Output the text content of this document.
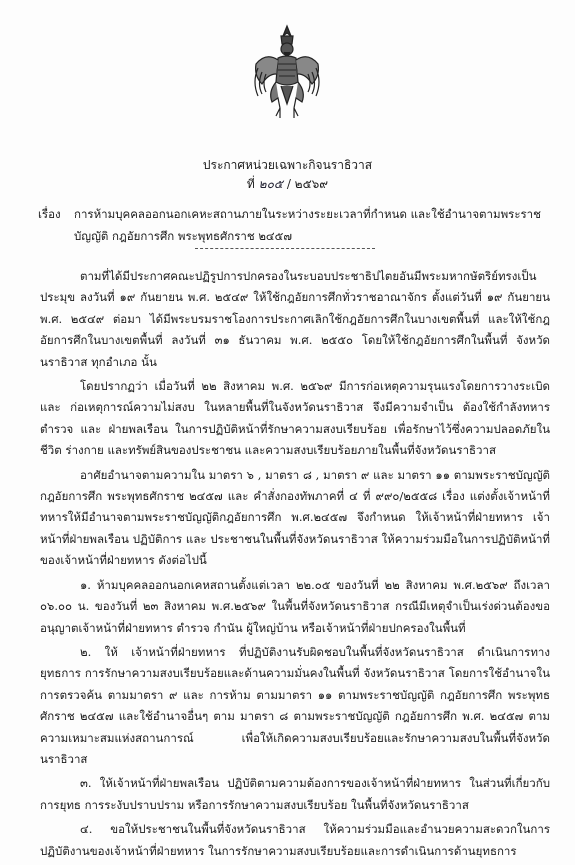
ประกาศหน่วยเฉพาะกิจนราธิวาส
ที่ ๒๐๕ / ๒๕๖๙
เรื่อง การห้ามบุคคลออกนอกเคหะสถานภายในระหว่างระยะเวลาที่กำหนด และใช้อำนาจตามพระราชบัญญัติ กฎอัยการศึก พระพุทธศักราช ๒๔๕๗

ตามที่ได้มีประกาศคณะปฏิรูปการปกครองในระบอบประชาธิปไตยอันมีพระมหากษัตริย์ทรงเป็นประมุข ลงวันที่ ๑๙ กันยายน พ.ศ. ๒๕๔๙ ให้ใช้กฎอัยการศึกทั่วราชอาณาจักร ตั้งแต่วันที่ ๑๙ กันยายน พ.ศ. ๒๕๔๙ ต่อมา ได้มีพระบรมราชโองการประกาศเลิกใช้กฎอัยการศึกในบางเขตพื้นที่ และให้ใช้กฎอัยการศึกในบางเขตพื้นที่ ลงวันที่ ๓๑ ธันวาคม พ.ศ. ๒๕๕๐ โดยให้ใช้กฎอัยการศึกในพื้นที่ จังหวัดนราธิวาส ทุกอำเภอ นั้น

โดยปรากฏว่า เมื่อวันที่ ๒๒ สิงหาคม พ.ศ. ๒๕๖๙ มีการก่อเหตุความรุนแรงโดยการวางระเบิด และ ก่อเหตุการณ์ความไม่สงบ ในหลายพื้นที่ในจังหวัดนราธิวาส จึงมีความจำเป็น ต้องใช้กำลังทหาร ตำรวจ และ ฝ่ายพลเรือน ในการปฏิบัติหน้าที่รักษาความสงบเรียบร้อย เพื่อรักษาไว้ซึ่งความปลอดภัยในชีวิต ร่างกาย และทรัพย์สินของประชาชน และความสงบเรียบร้อยภายในพื้นที่จังหวัดนราธิวาส

อาศัยอำนาจตามความใน มาตรา ๖ , มาตรา ๘ , มาตรา ๙ และ มาตรา ๑๑ ตามพระราชบัญญัติ กฎอัยการศึก พระพุทธศักราช ๒๔๕๗ และ คำสั่งกองทัพภาคที่ ๔ ที่ ๙๙๐/๒๕๕๘ เรื่อง แต่งตั้งเจ้าหน้าที่ทหารให้มีอำนาจตามพระราชบัญญัติกฎอัยการศึก พ.ศ.๒๔๕๗ จึงกำหนด ให้เจ้าหน้าที่ฝ่ายทหาร เจ้าหน้าที่ฝ่ายพลเรือน ปฏิบัติการ และ ประชาชนในพื้นที่จังหวัดนราธิวาส ให้ความร่วมมือในการปฏิบัติหน้าที่ของเจ้าหน้าที่ฝ่ายทหาร ดังต่อไปนี้

๑. ห้ามบุคคลออกนอกเคหสถานตั้งแต่เวลา ๒๒.๐๕ ของวันที่ ๒๒ สิงหาคม พ.ศ.๒๕๖๙ ถึงเวลา ๐๖.๐๐ น. ของวันที่ ๒๓ สิงหาคม พ.ศ.๒๕๖๙ ในพื้นที่จังหวัดนราธิวาส กรณีมีเหตุจำเป็นเร่งด่วนต้องขออนุญาตเจ้าหน้าที่ฝ่ายทหาร ตำรวจ กำนัน ผู้ใหญ่บ้าน หรือเจ้าหน้าที่ฝ่ายปกครองในพื้นที่

๒. ให้ เจ้าหน้าที่ฝ่ายทหาร ที่ปฏิบัติงานรับผิดชอบในพื้นที่จังหวัดนราธิวาส ดำเนินการทางยุทธการ การรักษาความสงบเรียบร้อยและด้านความมั่นคงในพื้นที่ จังหวัดนราธิวาส โดยการใช้อำนาจในการตรวจค้น ตามมาตรา ๙ และ การห้าม ตามมาตรา ๑๑ ตามพระราชบัญญัติ กฎอัยการศึก พระพุทธศักราช ๒๔๕๗ และใช้อำนาจอื่นๆ ตาม มาตรา ๘ ตามพระราชบัญญัติ กฎอัยการศึก พ.ศ. ๒๔๕๗ ตามความเหมาะสมแห่งสถานการณ์ เพื่อให้เกิดความสงบเรียบร้อยและรักษาความสงบในพื้นที่จังหวัดนราธิวาส

๓. ให้เจ้าหน้าที่ฝ่ายพลเรือน ปฏิบัติตามความต้องการของเจ้าหน้าที่ฝ่ายทหาร ในส่วนที่เกี่ยวกับการยุทธ การระงับปราบปราม หรือการรักษาความสงบเรียบร้อย ในพื้นที่จังหวัดนราธิวาส

๔. ขอให้ประชาชนในพื้นที่จังหวัดนราธิวาส ให้ความร่วมมือและอำนวยความสะดวกในการปฏิบัติงานของเจ้าหน้าที่ฝ่ายทหาร ในการรักษาความสงบเรียบร้อยและการดำเนินการด้านยุทธการ
